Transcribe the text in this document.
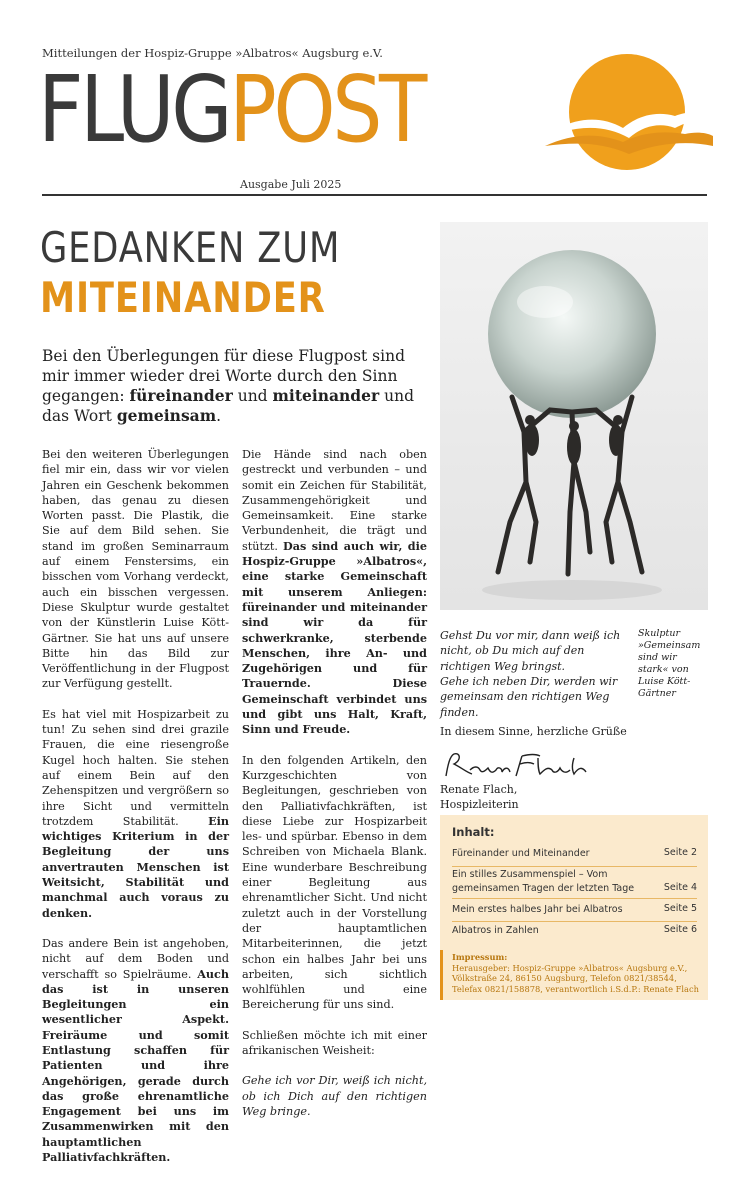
Mitteilungen der Hospiz-Gruppe »Albatros« Augsburg e.V.
FLUGPOST
Ausgabe Juli 2025
GEDANKEN ZUM
MITEINANDER
Bei den Überlegungen für diese Flugpost sind mir immer wieder drei Worte durch den Sinn gegangen: füreinander und miteinander und das Wort gemeinsam.

Bei den weiteren Überlegungen fiel mir ein, dass wir vor vielen Jahren ein Geschenk bekommen haben, das genau zu diesen Worten passt. Die Plastik, die Sie auf dem Bild sehen. Sie stand im großen Seminarraum auf einem Fenstersims, ein bisschen vom Vorhang verdeckt, auch ein bisschen vergessen. Diese Skulptur wurde gestaltet von der Künstlerin Luise Kött-Gärtner. Sie hat uns auf unsere Bitte hin das Bild zur Veröffentlichung in der Flugpost zur Verfügung gestellt.

Es hat viel mit Hospizarbeit zu tun! Zu sehen sind drei grazile Frauen, die eine riesengroße Kugel hoch halten. Sie stehen auf einem Bein auf den Zehenspitzen und vergrößern so ihre Sicht und vermitteln trotzdem Stabilität. Ein wichtiges Kriterium in der Begleitung der uns anvertrauten Menschen ist Weitsicht, Stabilität und manchmal auch voraus zu denken.

Das andere Bein ist angehoben, nicht auf dem Boden und verschafft so Spielräume. Auch das ist in unseren Begleitungen ein wesentlicher Aspekt. Freiräume und somit Entlastung schaffen für Patienten und ihre Angehörigen, gerade durch das große ehrenamtliche Engagement bei uns im Zusammenwirken mit den hauptamtlichen Palliativfachkräften.

Die Hände sind nach oben gestreckt und verbunden – und somit ein Zeichen für Stabilität, Zusammengehörigkeit und Gemeinsamkeit. Eine starke Verbundenheit, die trägt und stützt. Das sind auch wir, die Hospiz-Gruppe »Albatros«, eine starke Gemeinschaft mit unserem Anliegen: füreinander und miteinander sind wir da für schwerkranke, sterbende Menschen, ihre An- und Zugehörigen und für Trauernde. Diese Gemeinschaft verbindet uns und gibt uns Halt, Kraft, Sinn und Freude.

In den folgenden Artikeln, den Kurzgeschichten von Begleitungen, geschrieben von den Palliativfachkräften, ist diese Liebe zur Hospizarbeit les- und spürbar. Ebenso in dem Schreiben von Michaela Blank. Eine wunderbare Beschreibung einer Begleitung aus ehrenamtlicher Sicht. Und nicht zuletzt auch in der Vorstellung der hauptamtlichen Mitarbeiterinnen, die jetzt schon ein halbes Jahr bei uns arbeiten, sich sichtlich wohlfühlen und eine Bereicherung für uns sind.

Schließen möchte ich mit einer afrikanischen Weisheit:

Gehe ich vor Dir, weiß ich nicht, ob ich Dich auf den richtigen Weg bringe.

Gehst Du vor mir, dann weiß ich nicht, ob Du mich auf den richtigen Weg bringst.
Gehe ich neben Dir, werden wir gemeinsam den richtigen Weg finden.
Skulptur »Gemeinsam sind wir stark« von Luise Kött-Gärtner
In diesem Sinne, herzliche Grüße
Renate Flach,
Hospizleiterin
Inhalt:
Füreinander und Miteinander	Seite 2
Ein stilles Zusammenspiel – Vom gemeinsamen Tragen der letzten Tage	Seite 4
Mein erstes halbes Jahr bei Albatros	Seite 5
Albatros in Zahlen	Seite 6
Impressum:
Herausgeber: Hospiz-Gruppe »Albatros« Augsburg e.V., Völkstraße 24, 86150 Augsburg, Telefon 0821/38544, Telefax 0821/158878, verantwortlich i.S.d.P.: Renate Flach
